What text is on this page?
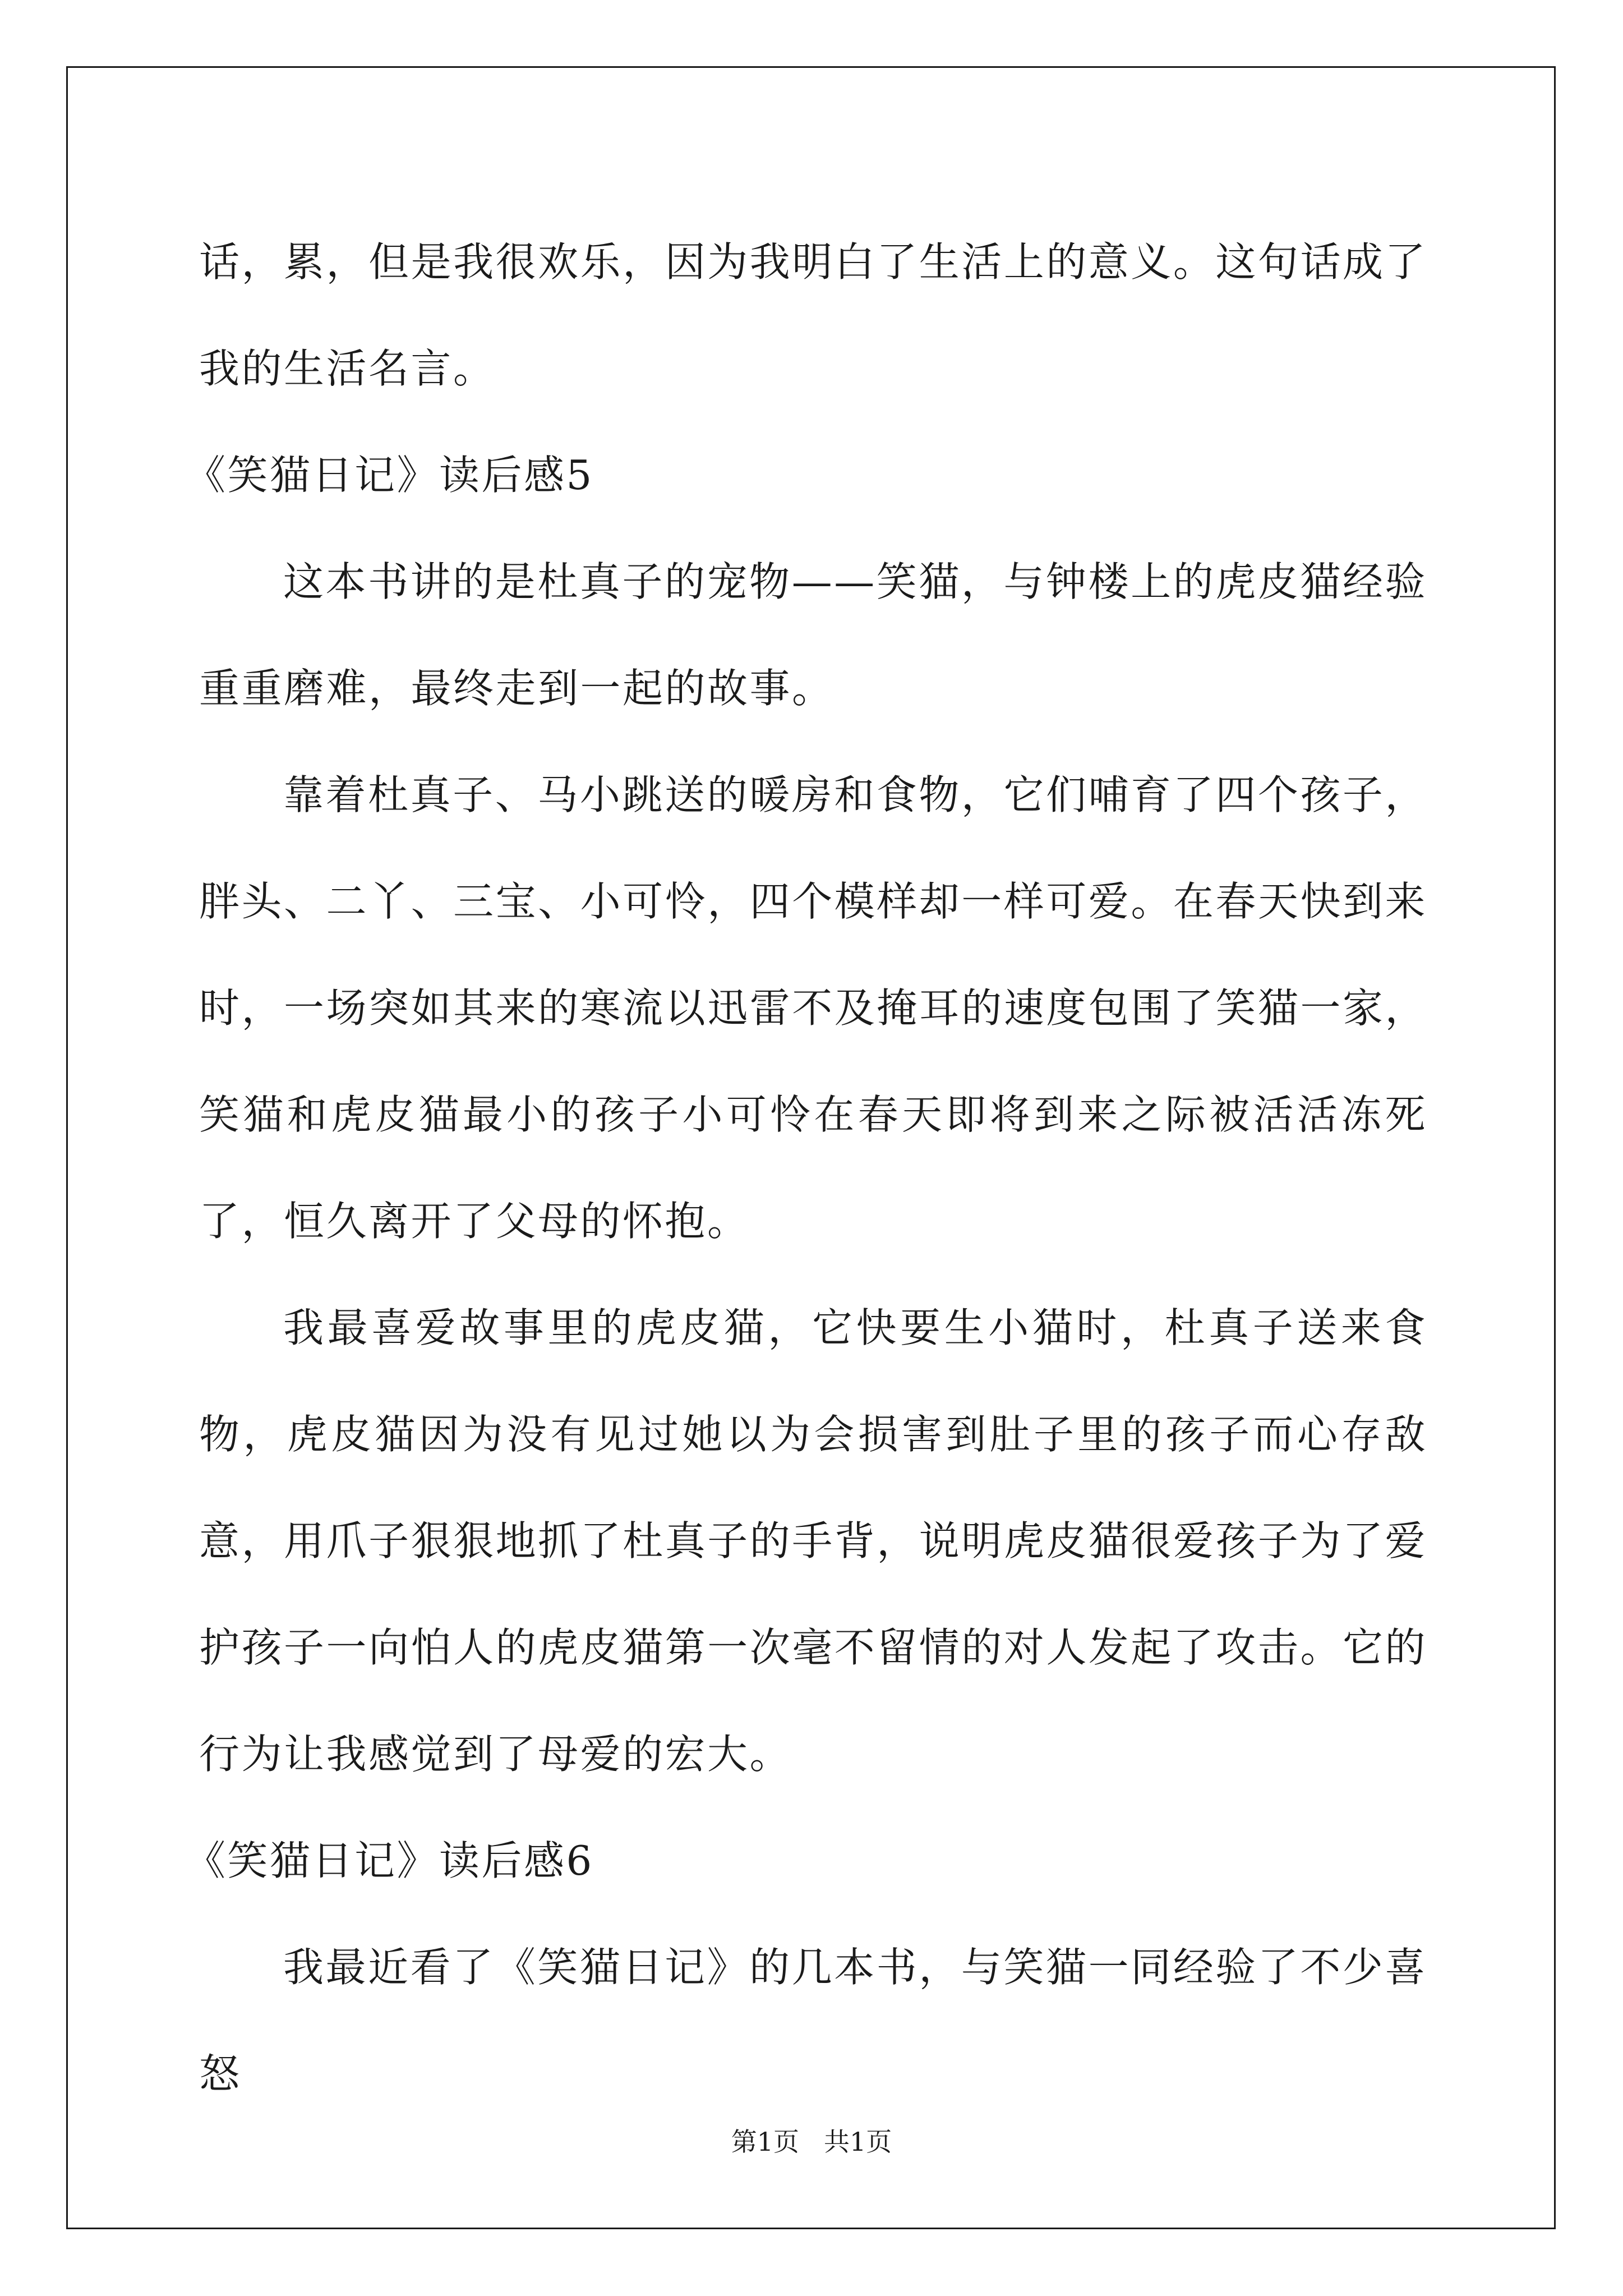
话，累，但是我很欢乐，因为我明白了生活上的意义。这句话成了我的生活名言。

《笑猫日记》读后感5

这本书讲的是杜真子的宠物——笑猫，与钟楼上的虎皮猫经验重重磨难，最终走到一起的故事。

靠着杜真子、马小跳送的暖房和食物，它们哺育了四个孩子，胖头、二丫、三宝、小可怜，四个模样却一样可爱。在春天快到来时，一场突如其来的寒流以迅雷不及掩耳的速度包围了笑猫一家，笑猫和虎皮猫最小的孩子小可怜在春天即将到来之际被活活冻死了，恒久离开了父母的怀抱。

我最喜爱故事里的虎皮猫，它快要生小猫时，杜真子送来食物，虎皮猫因为没有见过她以为会损害到肚子里的孩子而心存敌意，用爪子狠狠地抓了杜真子的手背，说明虎皮猫很爱孩子为了爱护孩子一向怕人的虎皮猫第一次毫不留情的对人发起了攻击。它的行为让我感觉到了母爱的宏大。

《笑猫日记》读后感6

我最近看了《笑猫日记》的几本书，与笑猫一同经验了不少喜怒

第1页 共1页
